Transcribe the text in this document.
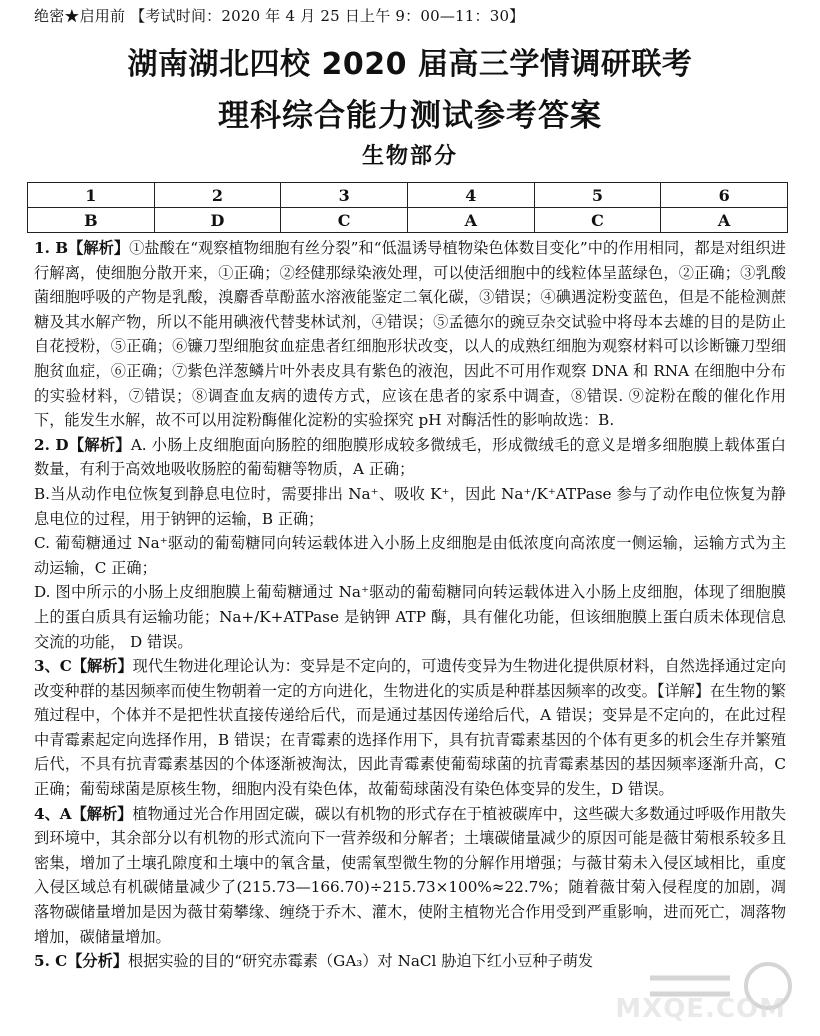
绝密★启用前 【考试时间：2020 年 4 月 25 日上午 9：00—11：30】
湖南湖北四校 2020 届高三学情调研联考
理科综合能力测试参考答案
生物部分
1	2	3	4	5	6
B	D	C	A	C	A

1. B【解析】①盐酸在“观察植物细胞有丝分裂”和“低温诱导植物染色体数目变化”中的作用相同，都是对组织进行解离，使细胞分散开来，①正确；②经健那绿染液处理，可以使活细胞中的线粒体呈蓝绿色，②正确；③乳酸菌细胞呼吸的产物是乳酸，溴麝香草酚蓝水溶液能鉴定二氧化碳，③错误；④碘遇淀粉变蓝色，但是不能检测蔗糖及其水解产物，所以不能用碘液代替斐林试剂，④错误；⑤孟德尔的豌豆杂交试验中将母本去雄的目的是防止自花授粉，⑤正确；⑥镰刀型细胞贫血症患者红细胞形状改变，以人的成熟红细胞为观察材料可以诊断镰刀型细胞贫血症，⑥正确；⑦紫色洋葱鳞片叶外表皮具有紫色的液泡，因此不可用作观察 DNA 和 RNA 在细胞中分布的实验材料，⑦错误；⑧调查血友病的遗传方式，应该在患者的家系中调查，⑧错误. ⑨淀粉在酸的催化作用下，能发生水解，故不可以用淀粉酶催化淀粉的实验探究 pH 对酶活性的影响故选：B.

2. D【解析】A. 小肠上皮细胞面向肠腔的细胞膜形成较多微绒毛，形成微绒毛的意义是增多细胞膜上载体蛋白数量，有利于高效地吸收肠腔的葡萄糖等物质，A 正确；

B.当从动作电位恢复到静息电位时，需要排出 Na⁺、吸收 K⁺，因此 Na⁺/K⁺ATPase 参与了动作电位恢复为静息电位的过程，用于钠钾的运输，B 正确；

C. 葡萄糖通过 Na⁺驱动的葡萄糖同向转运载体进入小肠上皮细胞是由低浓度向高浓度一侧运输，运输方式为主动运输，C 正确；

D. 图中所示的小肠上皮细胞膜上葡萄糖通过 Na⁺驱动的葡萄糖同向转运载体进入小肠上皮细胞，体现了细胞膜上的蛋白质具有运输功能；Na+/K+ATPase 是钠钾 ATP 酶，具有催化功能，但该细胞膜上蛋白质未体现信息交流的功能， D 错误。

3、C【解析】现代生物进化理论认为：变异是不定向的，可遗传变异为生物进化提供原材料，自然选择通过定向改变种群的基因频率而使生物朝着一定的方向进化，生物进化的实质是种群基因频率的改变。【详解】在生物的繁殖过程中，个体并不是把性状直接传递给后代，而是通过基因传递给后代，A 错误；变异是不定向的，在此过程中青霉素起定向选择作用，B 错误；在青霉素的选择作用下，具有抗青霉素基因的个体有更多的机会生存并繁殖后代，不具有抗青霉素基因的个体逐渐被淘汰，因此青霉素使葡萄球菌的抗青霉素基因的基因频率逐渐升高，C 正确；葡萄球菌是原核生物，细胞内没有染色体，故葡萄球菌没有染色体变异的发生，D 错误。

4、A【解析】植物通过光合作用固定碳，碳以有机物的形式存在于植被碳库中，这些碳大多数通过呼吸作用散失到环境中，其余部分以有机物的形式流向下一营养级和分解者；土壤碳储量减少的原因可能是薇甘菊根系较多且密集，增加了土壤孔隙度和土壤中的氧含量，使需氧型微生物的分解作用增强；与薇甘菊未入侵区域相比，重度入侵区域总有机碳储量减少了(215.73—166.70)÷215.73×100%≈22.7%；随着薇甘菊入侵程度的加剧，凋落物碳储量增加是因为薇甘菊攀缘、缠绕于乔木、灌木，使附主植物光合作用受到严重影响，进而死亡，凋落物增加，碳储量增加。

5. C【分析】根据实验的目的“研究赤霉素（GA₃）对 NaCl 胁迫下红小豆种子萌发

MXQE.COM
